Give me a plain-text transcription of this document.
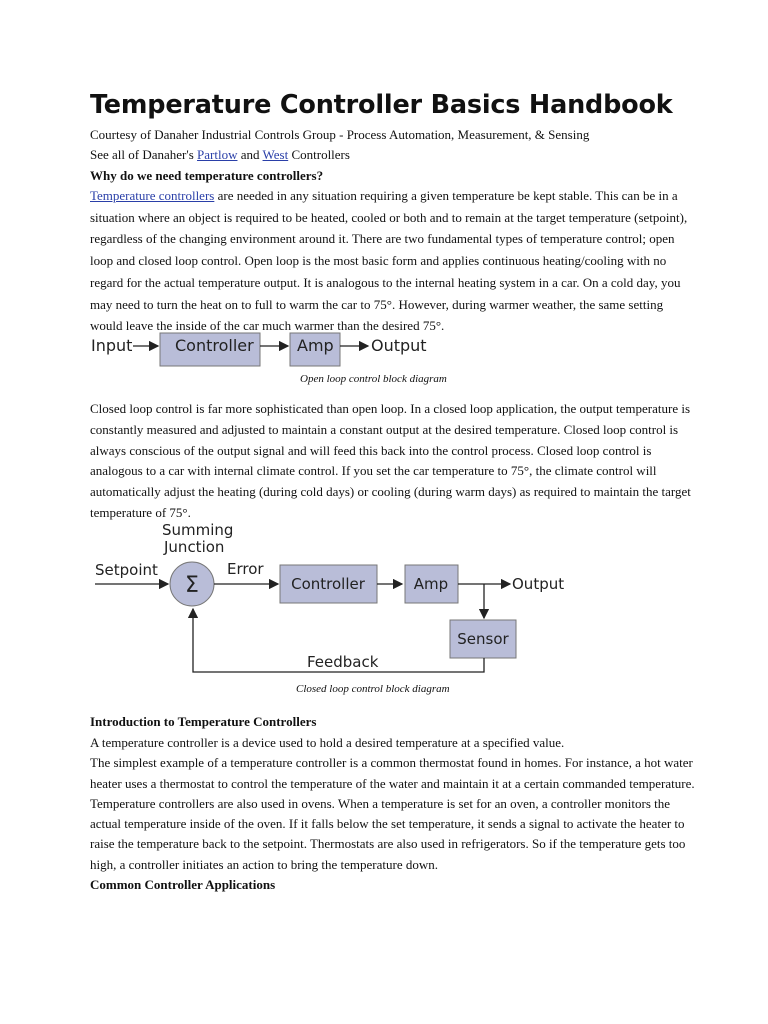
Temperature Controller Basics Handbook
Courtesy of Danaher Industrial Controls Group - Process Automation, Measurement, & Sensing
See all of Danaher's Partlow and West Controllers
Why do we need temperature controllers?
Temperature controllers are needed in any situation requiring a given temperature be kept stable. This can be in a
situation where an object is required to be heated, cooled or both and to remain at the target temperature (setpoint),
regardless of the changing environment around it. There are two fundamental types of temperature control; open
loop and closed loop control. Open loop is the most basic form and applies continuous heating/cooling with no
regard for the actual temperature output. It is analogous to the internal heating system in a car. On a cold day, you
may need to turn the heat on to full to warm the car to 75°. However, during warmer weather, the same setting
would leave the inside of the car much warmer than the desired 75°.
Input	Controller	Amp Output
Open loop control block diagram
Closed loop control is far more sophisticated than open loop. In a closed loop application, the output temperature is
constantly measured and adjusted to maintain a constant output at the desired temperature. Closed loop control is
always conscious of the output signal and will feed this back into the control process. Closed loop control is
analogous to a car with internal climate control. If you set the car temperature to 75°, the climate control will
automatically adjust the heating (during cold days) or cooling (during warm days) as required to maintain the target
temperature of 75°.
Summing
Junction
Setpoint
Σ
Error
Controller	Amp	Output
Sensor
Feedback
Closed loop control block diagram
Introduction to Temperature Controllers
A temperature controller is a device used to hold a desired temperature at a specified value.
The simplest example of a temperature controller is a common thermostat found in homes. For instance, a hot water
heater uses a thermostat to control the temperature of the water and maintain it at a certain commanded temperature.
Temperature controllers are also used in ovens. When a temperature is set for an oven, a controller monitors the
actual temperature inside of the oven. If it falls below the set temperature, it sends a signal to activate the heater to
raise the temperature back to the setpoint. Thermostats are also used in refrigerators. So if the temperature gets too
high, a controller initiates an action to bring the temperature down.
Common Controller Applications
